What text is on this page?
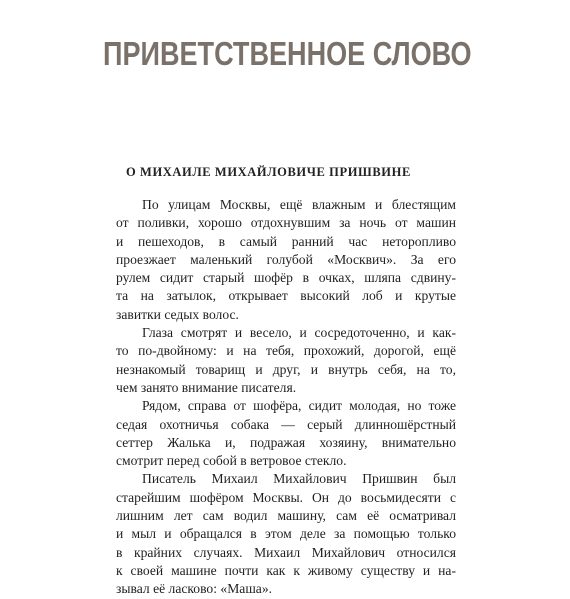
ПРИВЕТСТВЕННОЕ СЛОВО
О МИХАИЛЕ МИХАЙЛОВИЧЕ ПРИШВИНЕ
По улицам Москвы, ещё влажным и блестящим
от поливки, хорошо отдохнувшим за ночь от машин
и пешеходов, в самый ранний час неторопливо
проезжает маленький голубой «Москвич». За его
рулем сидит старый шофёр в очках, шляпа сдвину-
та на затылок, открывает высокий лоб и крутые
завитки седых волос.
Глаза смотрят и весело, и сосредоточенно, и как-
то по-двойному: и на тебя, прохожий, дорогой, ещё
незнакомый товарищ и друг, и внутрь себя, на то,
чем занято внимание писателя.
Рядом, справа от шофёра, сидит молодая, но тоже
седая охотничья собака — серый длинношёрстный
сеттер Жалька и, подражая хозяину, внимательно
смотрит перед собой в ветровое стекло.
Писатель Михаил Михайлович Пришвин был
старейшим шофёром Москвы. Он до восьмидесяти с
лишним лет сам водил машину, сам её осматривал
и мыл и обращался в этом деле за помощью только
в крайних случаях. Михаил Михайлович относился
к своей машине почти как к живому существу и на-
зывал её ласково: «Маша».
